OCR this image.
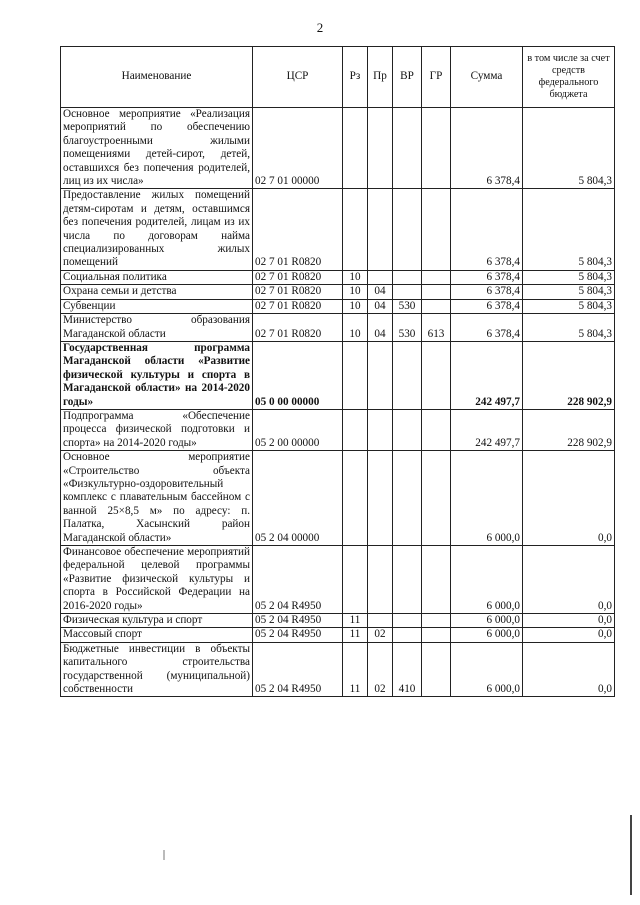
2
Наименование	ЦСР	Рз	Пр	ВР	ГР	Сумма	в том числе за счет средств федерального бюджета
Основное мероприятие «Реализация мероприятий по обеспечению благоустроенными жилыми помещениями детей-сирот, детей, оставшихся без попечения родителей, лиц из их числа»	02 7 01 00000					6 378,4	5 804,3
Предоставление жилых помещений детям-сиротам и детям, оставшимся без попечения родителей, лицам из их числа по договорам найма специализированных жилых помещений	02 7 01 R0820					6 378,4	5 804,3
Социальная политика	02 7 01 R0820	10				6 378,4	5 804,3
Охрана семьи и детства	02 7 01 R0820	10	04			6 378,4	5 804,3
Субвенции	02 7 01 R0820	10	04	530		6 378,4	5 804,3
Министерство образования Магаданской области	02 7 01 R0820	10	04	530	613	6 378,4	5 804,3
Государственная программа Магаданской области «Развитие физической культуры и спорта в Магаданской области» на 2014-2020 годы»	05 0 00 00000					242 497,7	228 902,9
Подпрограмма «Обеспечение процесса физической подготовки и спорта» на 2014-2020 годы»	05 2 00 00000					242 497,7	228 902,9
Основное мероприятие «Строительство объекта «Физкультурно-оздоровительный комплекс с плавательным бассейном с ванной 25×8,5 м» по адресу: п. Палатка, Хасынский район Магаданской области»	05 2 04 00000					6 000,0	0,0
Финансовое обеспечение мероприятий федеральной целевой программы «Развитие физической культуры и спорта в Российской Федерации на 2016-2020 годы»	05 2 04 R4950					6 000,0	0,0
Физическая культура и спорт	05 2 04 R4950	11				6 000,0	0,0
Массовый спорт	05 2 04 R4950	11	02			6 000,0	0,0
Бюджетные инвестиции в объекты капитального строительства государственной (муниципальной) собственности	05 2 04 R4950	11	02	410		6 000,0	0,0
